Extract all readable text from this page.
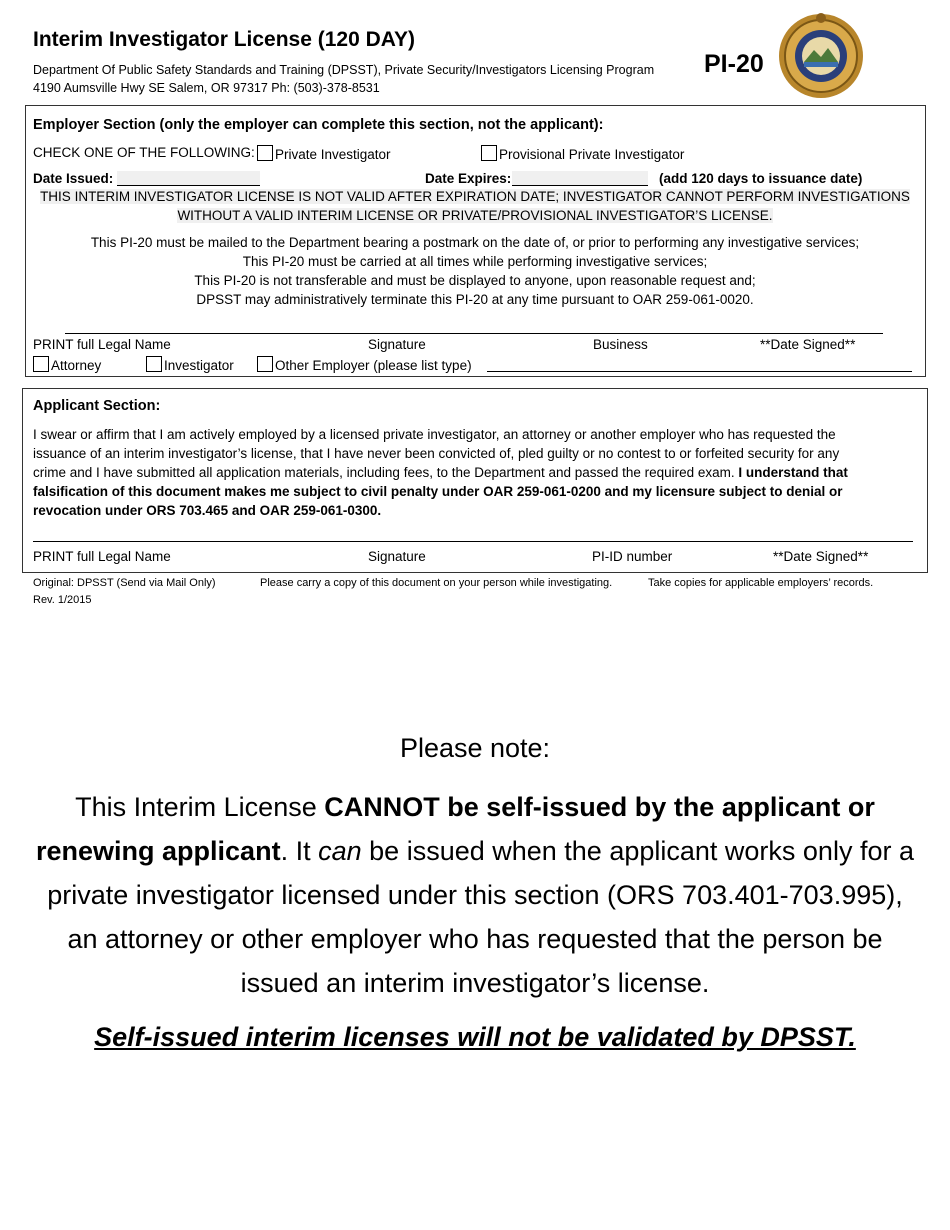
Interim Investigator License (120 DAY)
Department Of Public Safety Standards and Training (DPSST), Private Security/Investigators Licensing Program
4190 Aumsville Hwy SE Salem, OR 97317 Ph: (503)-378-8531
PI-20
Employer Section (only the employer can complete this section, not the applicant):
CHECK ONE OF THE FOLLOWING:	Private Investigator	Provisional Private Investigator
Date Issued:	Date Expires:	(add 120 days to issuance date)
THIS INTERIM INVESTIGATOR LICENSE IS NOT VALID AFTER EXPIRATION DATE; INVESTIGATOR CANNOT PERFORM INVESTIGATIONS
WITHOUT A VALID INTERIM LICENSE OR PRIVATE/PROVISIONAL INVESTIGATOR’S LICENSE.
This PI-20 must be mailed to the Department bearing a postmark on the date of, or prior to performing any investigative services;
This PI-20 must be carried at all times while performing investigative services;
This PI-20 is not transferable and must be displayed to anyone, upon reasonable request and;
DPSST may administratively terminate this PI-20 at any time pursuant to OAR 259-061-0020.
PRINT full Legal Name	Signature	Business	**Date Signed**
Attorney	Investigator	Other Employer (please list type)
Applicant Section:
I swear or affirm that I am actively employed by a licensed private investigator, an attorney or another employer who has requested the
issuance of an interim investigator’s license, that I have never been convicted of, pled guilty or no contest to or forfeited security for any
crime and I have submitted all application materials, including fees, to the Department and passed the required exam. I understand that
falsification of this document makes me subject to civil penalty under OAR 259-061-0200 and my licensure subject to denial or
revocation under ORS 703.465 and OAR 259-061-0300.
PRINT full Legal Name	Signature	PI-ID number	**Date Signed**
Original: DPSST (Send via Mail Only)	Please carry a copy of this document on your person while investigating.	Take copies for applicable employers’ records.
Rev. 1/2015
Please note:
This Interim License CANNOT be self-issued by the applicant or renewing applicant. It can be issued when the applicant works only for a private investigator licensed under this section (ORS 703.401-703.995), an attorney or other employer who has requested that the person be issued an interim investigator’s license.
Self-issued interim licenses will not be validated by DPSST.
